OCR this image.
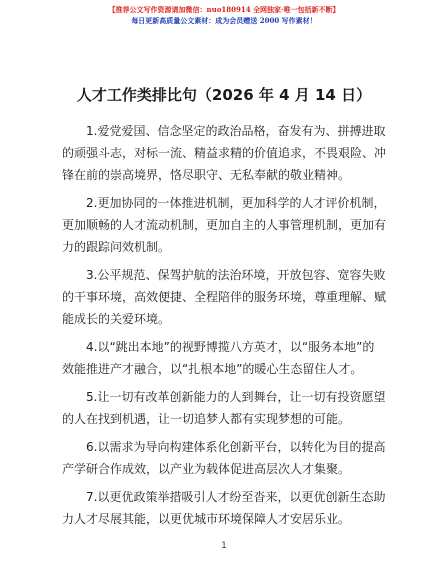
【推荐公文写作资源请加微信：nuo180914 全网独家·唯一包括新不断】
每日更新高质量公文素材：成为会员赠送 2000 写作素材！
人才工作类排比句（2026 年 4 月 14 日）

1.爱党爱国、信念坚定的政治品格，奋发有为、拼搏进取的顽强斗志，对标一流、精益求精的价值追求，不畏艰险、冲锋在前的崇高境界，恪尽职守、无私奉献的敬业精神。

2.更加协同的一体推进机制，更加科学的人才评价机制，更加顺畅的人才流动机制，更加自主的人事管理机制，更加有力的跟踪问效机制。

3.公平规范、保驾护航的法治环境，开放包容、宽容失败的干事环境，高效便捷、全程陪伴的服务环境，尊重理解、赋能成长的关爱环境。

4.以“跳出本地”的视野博揽八方英才，以“服务本地”的效能推进产才融合，以“扎根本地”的暖心生态留住人才。

5.让一切有改革创新能力的人到舞台，让一切有投资愿望的人在找到机遇，让一切追梦人都有实现梦想的可能。

6.以需求为导向构建体系化创新平台，以转化为目的提高产学研合作成效，以产业为载体促进高层次人才集聚。

7.以更优政策举措吸引人才纷至沓来，以更优创新生态助力人才尽展其能，以更优城市环境保障人才安居乐业。

1
